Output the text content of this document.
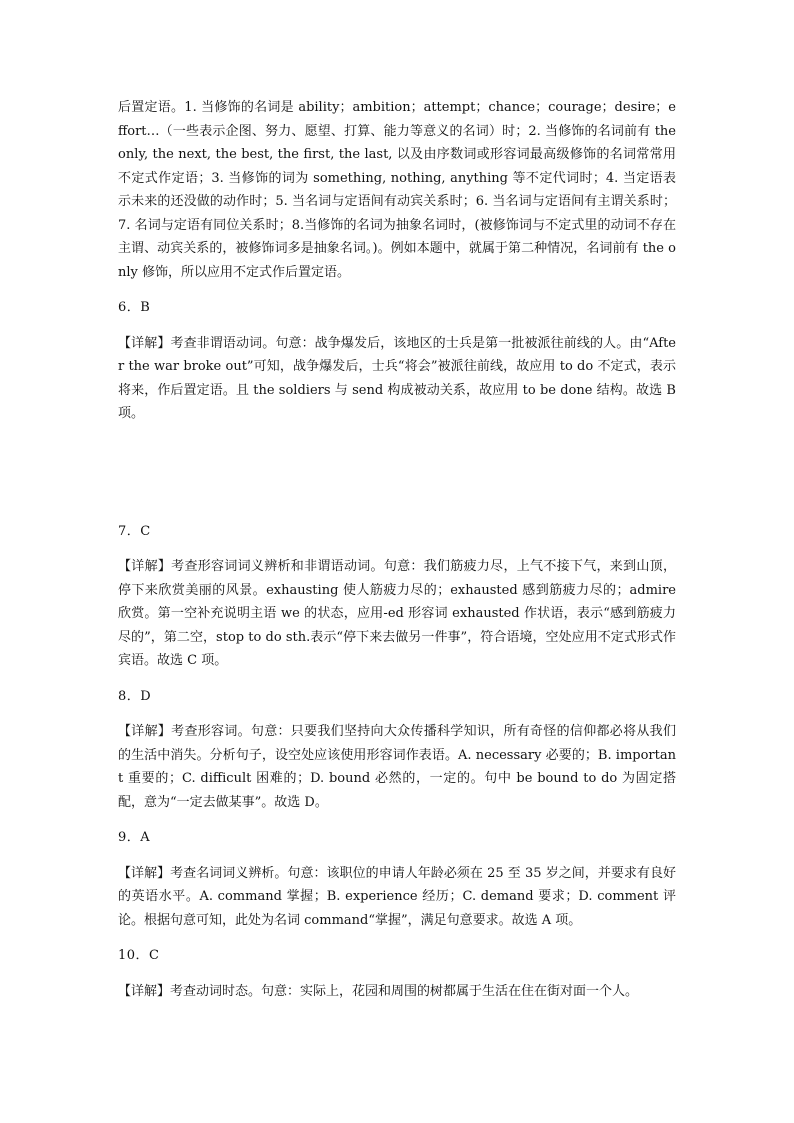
后置定语。1. 当修饰的名词是 ability；ambition；attempt；chance；courage；desire；effort…（一些表示企图、努力、愿望、打算、能力等意义的名词）时；2. 当修饰的名词前有 the only, the next, the best, the first, the last, 以及由序数词或形容词最高级修饰的名词常常用不定式作定语；3. 当修饰的词为 something, nothing, anything 等不定代词时；4. 当定语表示未来的还没做的动作时；5. 当名词与定语间有动宾关系时；6. 当名词与定语间有主谓关系时；7. 名词与定语有同位关系时；8.当修饰的名词为抽象名词时，(被修饰词与不定式里的动词不存在主谓、动宾关系的，被修饰词多是抽象名词。)。例如本题中，就属于第二种情况，名词前有 the only 修饰，所以应用不定式作后置定语。

6．B

【详解】考查非谓语动词。句意：战争爆发后，该地区的士兵是第一批被派往前线的人。由“After the war broke out”可知，战争爆发后，士兵“将会”被派往前线，故应用 to do 不定式，表示将来，作后置定语。且 the soldiers 与 send 构成被动关系，故应用 to be done 结构。故选 B 项。

7．C

【详解】考查形容词词义辨析和非谓语动词。句意：我们筋疲力尽，上气不接下气，来到山顶，停下来欣赏美丽的风景。exhausting 使人筋疲力尽的；exhausted 感到筋疲力尽的；admire 欣赏。第一空补充说明主语 we 的状态，应用-ed 形容词 exhausted 作状语，表示“感到筋疲力尽的”，第二空，stop to do sth.表示“停下来去做另一件事”，符合语境，空处应用不定式形式作宾语。故选 C 项。

8．D

【详解】考查形容词。句意：只要我们坚持向大众传播科学知识，所有奇怪的信仰都必将从我们的生活中消失。分析句子，设空处应该使用形容词作表语。A. necessary 必要的；B. important 重要的；C. difficult 困难的；D. bound 必然的，一定的。句中 be bound to do 为固定搭配，意为“一定去做某事”。故选 D。

9．A

【详解】考查名词词义辨析。句意：该职位的申请人年龄必须在 25 至 35 岁之间，并要求有良好的英语水平。A. command 掌握；B. experience 经历；C. demand 要求；D. comment 评论。根据句意可知，此处为名词 command“掌握”，满足句意要求。故选 A 项。

10．C

【详解】考查动词时态。句意：实际上，花园和周围的树都属于生活在住在街对面一个人。
